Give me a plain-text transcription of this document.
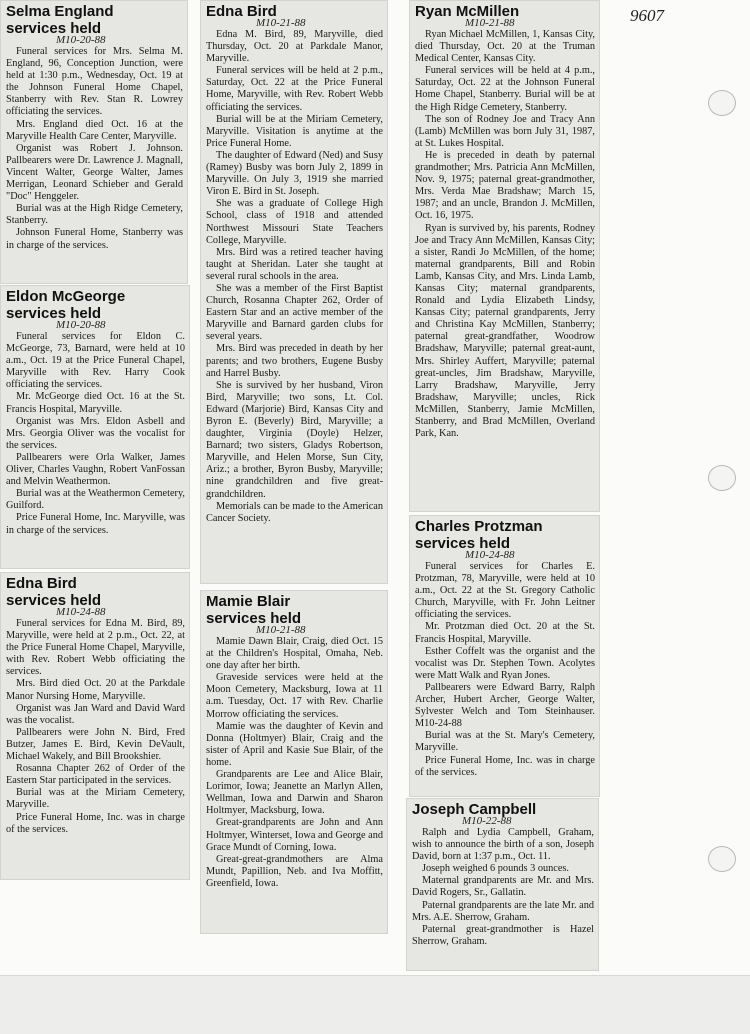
9607
Selma England
services held
M10-20-88

Funeral services for Mrs. Selma M. England, 96, Conception Junction, were held at 1:30 p.m., Wednesday, Oct. 19 at the Johnson Funeral Home Chapel, Stanberry with Rev. Stan R. Lowrey officiating the services.

Mrs. England died Oct. 16 at the Maryville Health Care Center, Maryville.

Organist was Robert J. Johnson. Pallbearers were Dr. Lawrence J. Magnall, Vincent Walter, George Walter, James Merrigan, Leonard Schieber and Gerald "Doc" Henggeler.

Burial was at the High Ridge Cemetery, Stanberry.

Johnson Funeral Home, Stanberry was in charge of the services.

Eldon McGeorge
services held
M10-20-88

Funeral services for Eldon C. McGeorge, 73, Barnard, were held at 10 a.m., Oct. 19 at the Price Funeral Chapel, Maryville with Rev. Harry Cook officiating the services.

Mr. McGeorge died Oct. 16 at the St. Francis Hospital, Maryville.

Organist was Mrs. Eldon Asbell and Mrs. Georgia Oliver was the vocalist for the services.

Pallbearers were Orla Walker, James Oliver, Charles Vaughn, Robert VanFossan and Melvin Weathermon.

Burial was at the Weathermon Cemetery, Guilford.

Price Funeral Home, Inc. Maryville, was in charge of the services.

Edna Bird
services held
M10-24-88

Funeral services for Edna M. Bird, 89, Maryville, were held at 2 p.m., Oct. 22, at the Price Funeral Home Chapel, Maryville, with Rev. Robert Webb officiating the services.

Mrs. Bird died Oct. 20 at the Parkdale Manor Nursing Home, Maryville.

Organist was Jan Ward and David Ward was the vocalist.

Pallbearers were John N. Bird, Fred Butzer, James E. Bird, Kevin DeVault, Michael Wakely, and Bill Brookshier.

Rosanna Chapter 262 of Order of the Eastern Star participated in the services.

Burial was at the Miriam Cemetery, Maryville.

Price Funeral Home, Inc. was in charge of the services.

Edna Bird
M10-21-88

Edna M. Bird, 89, Maryville, died Thursday, Oct. 20 at Parkdale Manor, Maryville.

Funeral services will be held at 2 p.m., Saturday, Oct. 22 at the Price Funeral Home, Maryville, with Rev. Robert Webb officiating the services.

Burial will be at the Miriam Cemetery, Maryville. Visitation is anytime at the Price Funeral Home.

The daughter of Edward (Ned) and Susy (Ramey) Busby was born July 2, 1899 in Maryville. On July 3, 1919 she married Viron E. Bird in St. Joseph.

She was a graduate of College High School, class of 1918 and attended Northwest Missouri State Teachers College, Maryville.

Mrs. Bird was a retired teacher having taught at Sheridan. Later she taught at several rural schools in the area.

She was a member of the First Baptist Church, Rosanna Chapter 262, Order of Eastern Star and an active member of the Maryville and Barnard garden clubs for several years.

Mrs. Bird was preceded in death by her parents; and two brothers, Eugene Busby and Harrel Busby.

She is survived by her husband, Viron Bird, Maryville; two sons, Lt. Col. Edward (Marjorie) Bird, Kansas City and Byron E. (Beverly) Bird, Maryville; a daughter, Virginia (Doyle) Helzer, Barnard; two sisters, Gladys Robertson, Maryville, and Helen Morse, Sun City, Ariz.; a brother, Byron Busby, Maryville; nine grandchildren and five great-grandchildren.

Memorials can be made to the American Cancer Society.

Mamie Blair
services held
M10-21-88

Mamie Dawn Blair, Craig, died Oct. 15 at the Children's Hospital, Omaha, Neb. one day after her birth.

Graveside services were held at the Moon Cemetery, Macksburg, Iowa at 11 a.m. Tuesday, Oct. 17 with Rev. Charlie Morrow officiating the services.

Mamie was the daughter of Kevin and Donna (Holtmyer) Blair, Craig and the sister of April and Kasie Sue Blair, of the home.

Grandparents are Lee and Alice Blair, Lorimor, Iowa; Jeanette an Marlyn Allen, Wellman, Iowa and Darwin and Sharon Holtmyer, Macksburg, Iowa.

Great-grandparents are John and Ann Holtmyer, Winterset, Iowa and George and Grace Mundt of Corning, Iowa.

Great-great-grandmothers are Alma Mundt, Papillion, Neb. and Iva Moffitt, Greenfield, Iowa.

Ryan McMillen
M10-21-88

Ryan Michael McMillen, 1, Kansas City, died Thursday, Oct. 20 at the Truman Medical Center, Kansas City.

Funeral services will be held at 4 p.m., Saturday, Oct. 22 at the Johnson Funeral Home Chapel, Stanberry. Burial will be at the High Ridge Cemetery, Stanberry.

The son of Rodney Joe and Tracy Ann (Lamb) McMillen was born July 31, 1987, at St. Lukes Hospital.

He is preceded in death by paternal grandmother; Mrs. Patricia Ann McMillen, Nov. 9, 1975; paternal great-grandmother, Mrs. Verda Mae Bradshaw; March 15, 1987; and an uncle, Brandon J. McMillen, Oct. 16, 1975.

Ryan is survived by, his parents, Rodney Joe and Tracy Ann McMillen, Kansas City; a sister, Randi Jo McMillen, of the home; maternal grandparents, Bill and Robin Lamb, Kansas City, and Mrs. Linda Lamb, Kansas City; maternal grandparents, Ronald and Lydia Elizabeth Lindsy, Kansas City; paternal grandparents, Jerry and Christina Kay McMillen, Stanberry; paternal great-grandfather, Woodrow Bradshaw, Maryville; paternal great-aunt, Mrs. Shirley Auffert, Maryville; paternal great-uncles, Jim Bradshaw, Maryville, Larry Bradshaw, Maryville, Jerry Bradshaw, Maryville; uncles, Rick McMillen, Stanberry, Jamie McMillen, Stanberry, and Brad McMillen, Overland Park, Kan.

Charles Protzman
services held
M10-24-88

Funeral services for Charles E. Protzman, 78, Maryville, were held at 10 a.m., Oct. 22 at the St. Gregory Catholic Church, Maryville, with Fr. John Leitner officiating the services.

Mr. Protzman died Oct. 20 at the St. Francis Hospital, Maryville.

Esther Coffelt was the organist and the vocalist was Dr. Stephen Town. Acolytes were Matt Walk and Ryan Jones.

Pallbearers were Edward Barry, Ralph Archer, Hubert Archer, George Walter, Sylvester Welch and Tom Steinhauser. M10-24-88

Burial was at the St. Mary's Cemetery, Maryville.

Price Funeral Home, Inc. was in charge of the services.

Joseph Campbell
M10-22-88

Ralph and Lydia Campbell, Graham, wish to announce the birth of a son, Joseph David, born at 1:37 p.m., Oct. 11.

Joseph weighed 6 pounds 3 ounces.

Maternal grandparents are Mr. and Mrs. David Rogers, Sr., Gallatin.

Paternal grandparents are the late Mr. and Mrs. A.E. Sherrow, Graham.

Paternal great-grandmother is Hazel Sherrow, Graham.
